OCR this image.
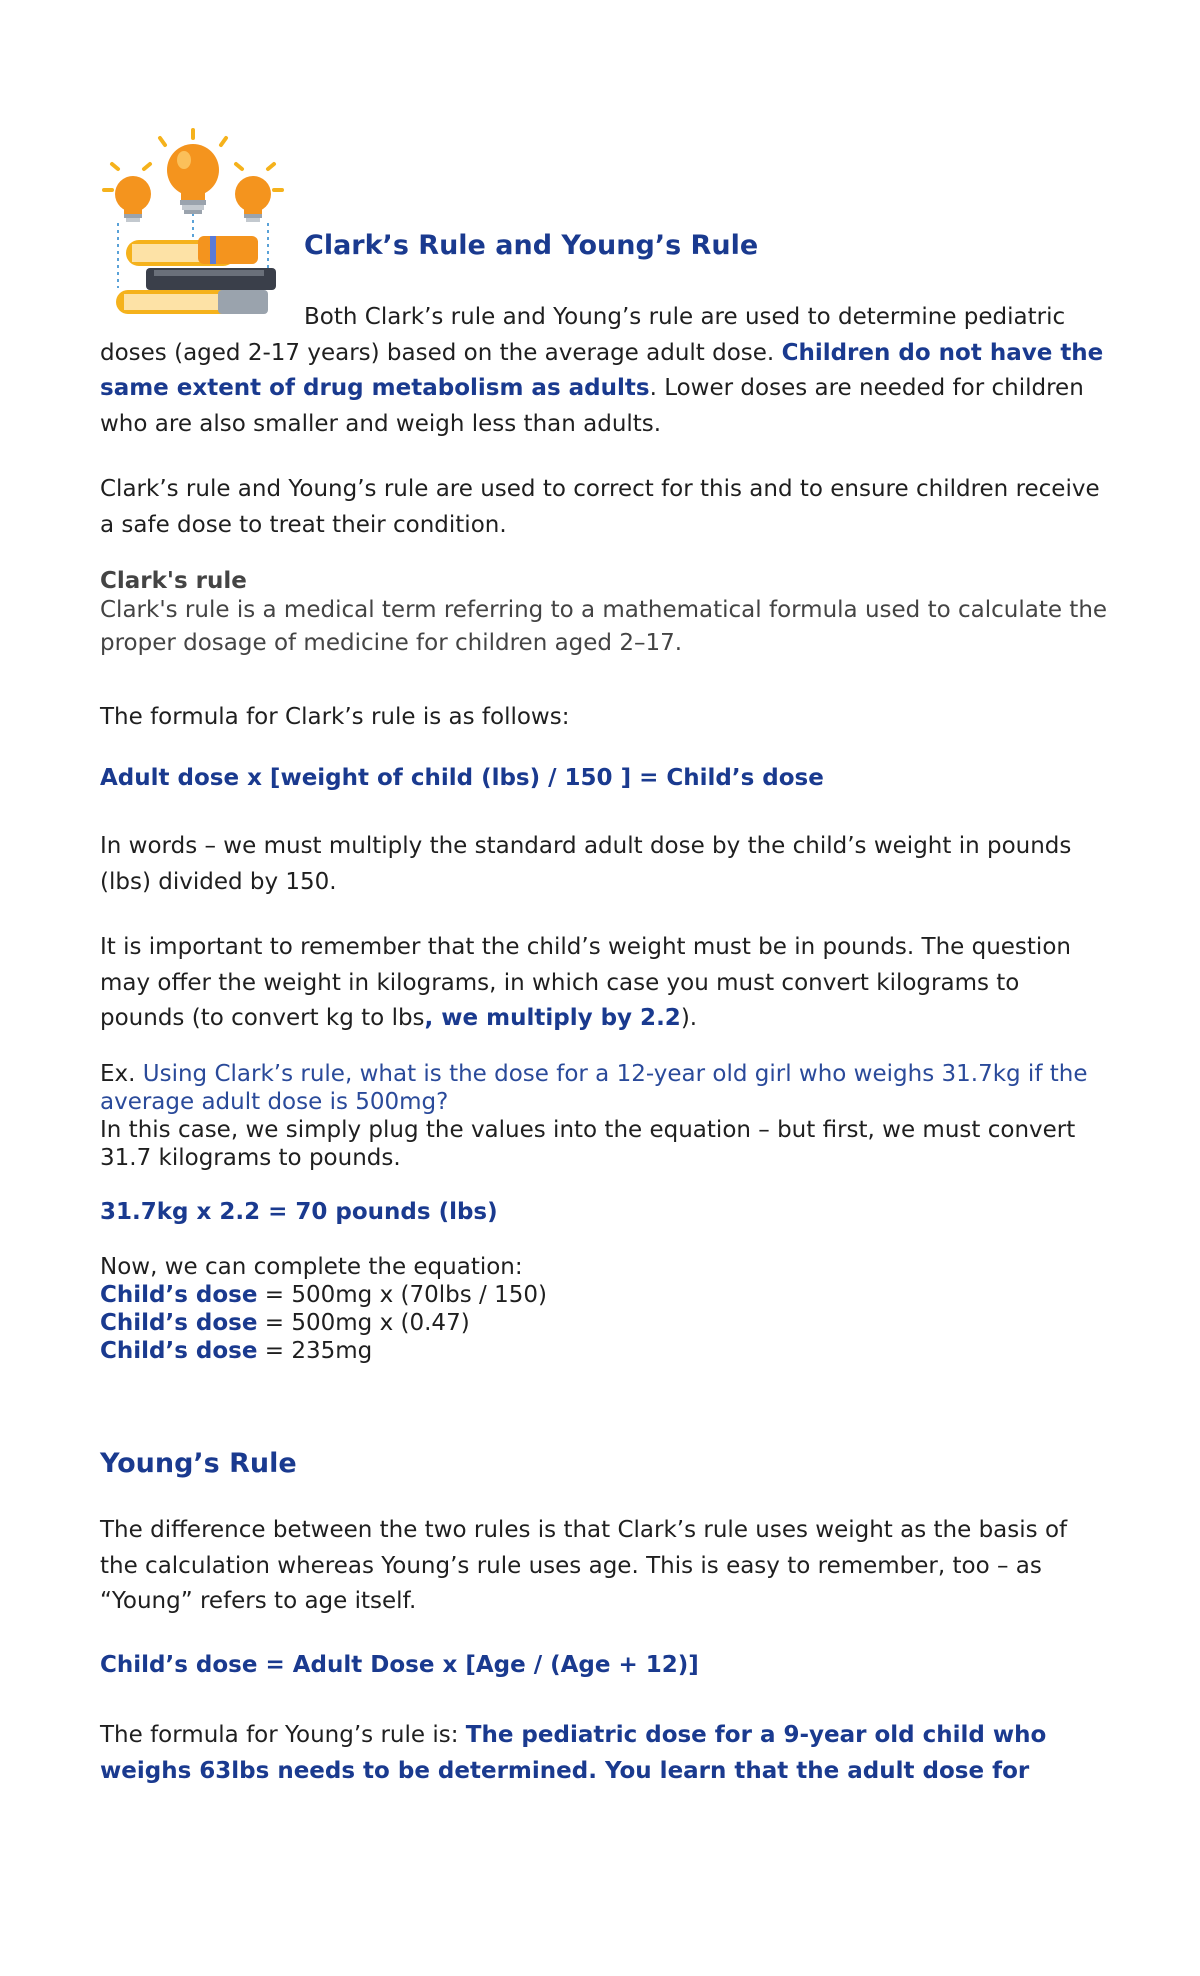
Clark’s Rule and Young’s Rule

Both Clark’s rule and Young’s rule are used to determine pediatric doses (aged 2-17 years) based on the average adult dose. Children do not have the same extent of drug metabolism as adults. Lower doses are needed for children who are also smaller and weigh less than adults.

Clark’s rule and Young’s rule are used to correct for this and to ensure children receive a safe dose to treat their condition.

Clark's rule

Clark's rule is a medical term referring to a mathematical formula used to calculate the proper dosage of medicine for children aged 2–17.

The formula for Clark’s rule is as follows:

Adult dose x [weight of child (lbs) / 150 ] = Child’s dose

In words – we must multiply the standard adult dose by the child’s weight in pounds (lbs) divided by 150.

It is important to remember that the child’s weight must be in pounds. The question may offer the weight in kilograms, in which case you must convert kilograms to pounds (to convert kg to lbs, we multiply by 2.2).

Ex. Using Clark’s rule, what is the dose for a 12-year old girl who weighs 31.7kg if the average adult dose is 500mg?

In this case, we simply plug the values into the equation – but first, we must convert 31.7 kilograms to pounds.

31.7kg x 2.2 = 70 pounds (lbs)

Now, we can complete the equation:

Child’s dose = 500mg x (70lbs / 150)

Child’s dose = 500mg x (0.47)

Child’s dose = 235mg

Young’s Rule

The difference between the two rules is that Clark’s rule uses weight as the basis of the calculation whereas Young’s rule uses age. This is easy to remember, too – as “Young” refers to age itself.

Child’s dose = Adult Dose x [Age / (Age + 12)]

The formula for Young’s rule is: The pediatric dose for a 9-year old child who weighs 63lbs needs to be determined. You learn that the adult dose for
